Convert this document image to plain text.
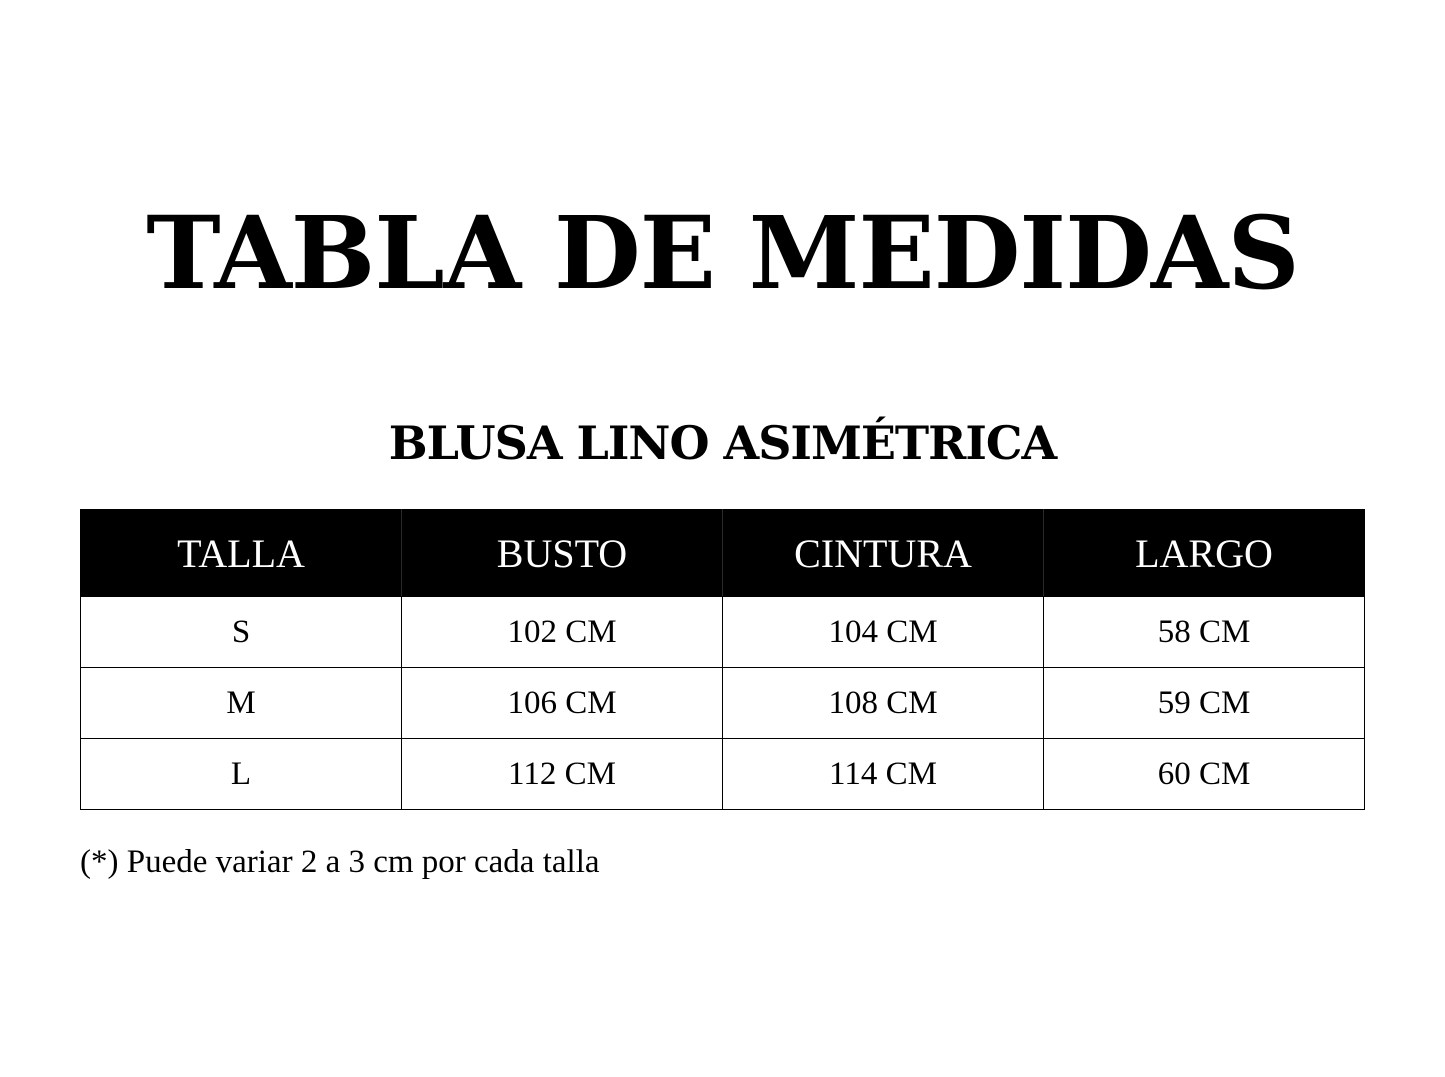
TABLA DE MEDIDAS
BLUSA LINO ASIMÉTRICA
TALLA	BUSTO	CINTURA	LARGO
S	102 CM	104 CM	58 CM
M	106 CM	108 CM	59 CM
L	112 CM	114 CM	60 CM

(*) Puede variar 2 a 3 cm por cada talla
